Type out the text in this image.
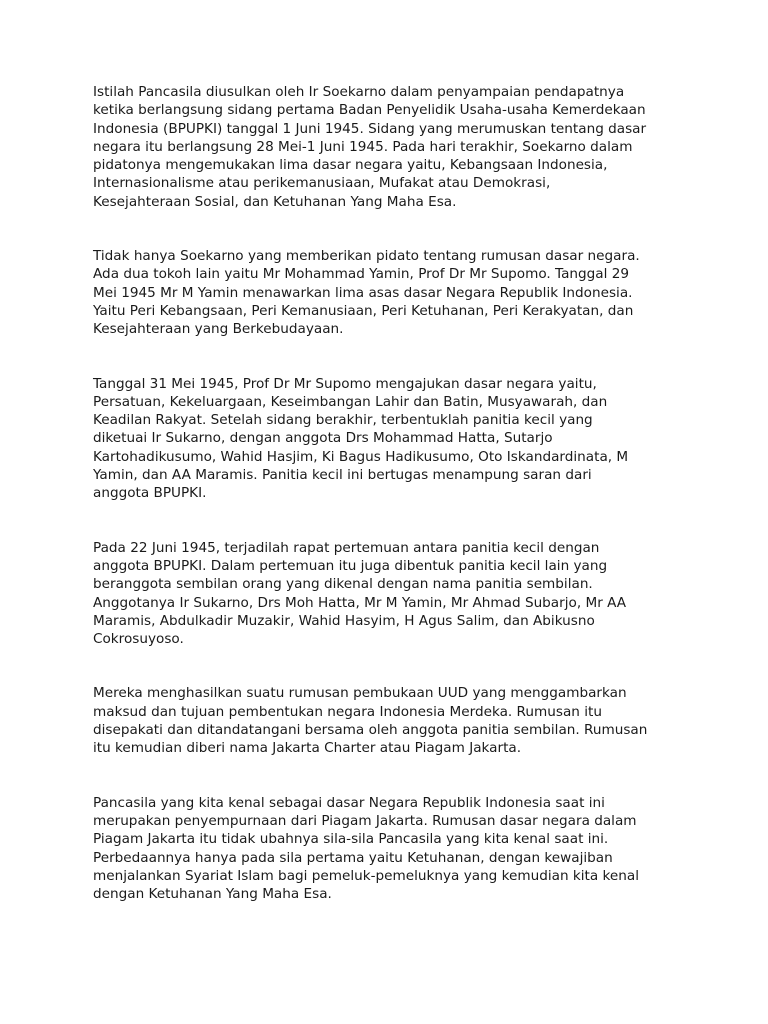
Istilah Pancasila diusulkan oleh Ir Soekarno dalam penyampaian pendapatnya
ketika berlangsung sidang pertama Badan Penyelidik Usaha-usaha Kemerdekaan
Indonesia (BPUPKI) tanggal 1 Juni 1945. Sidang yang merumuskan tentang dasar
negara itu berlangsung 28 Mei-1 Juni 1945. Pada hari terakhir, Soekarno dalam
pidatonya mengemukakan lima dasar negara yaitu, Kebangsaan Indonesia,
Internasionalisme atau perikemanusiaan, Mufakat atau Demokrasi,
Kesejahteraan Sosial, dan Ketuhanan Yang Maha Esa.

Tidak hanya Soekarno yang memberikan pidato tentang rumusan dasar negara.
Ada dua tokoh lain yaitu Mr Mohammad Yamin, Prof Dr Mr Supomo. Tanggal 29
Mei 1945 Mr M Yamin menawarkan lima asas dasar Negara Republik Indonesia.
Yaitu Peri Kebangsaan, Peri Kemanusiaan, Peri Ketuhanan, Peri Kerakyatan, dan
Kesejahteraan yang Berkebudayaan.

Tanggal 31 Mei 1945, Prof Dr Mr Supomo mengajukan dasar negara yaitu,
Persatuan, Kekeluargaan, Keseimbangan Lahir dan Batin, Musyawarah, dan
Keadilan Rakyat. Setelah sidang berakhir, terbentuklah panitia kecil yang
diketuai Ir Sukarno, dengan anggota Drs Mohammad Hatta, Sutarjo
Kartohadikusumo, Wahid Hasjim, Ki Bagus Hadikusumo, Oto Iskandardinata, M
Yamin, dan AA Maramis. Panitia kecil ini bertugas menampung saran dari
anggota BPUPKI.

Pada 22 Juni 1945, terjadilah rapat pertemuan antara panitia kecil dengan
anggota BPUPKI. Dalam pertemuan itu juga dibentuk panitia kecil lain yang
beranggota sembilan orang yang dikenal dengan nama panitia sembilan.
Anggotanya Ir Sukarno, Drs Moh Hatta, Mr M Yamin, Mr Ahmad Subarjo, Mr AA
Maramis, Abdulkadir Muzakir, Wahid Hasyim, H Agus Salim, dan Abikusno
Cokrosuyoso.

Mereka menghasilkan suatu rumusan pembukaan UUD yang menggambarkan
maksud dan tujuan pembentukan negara Indonesia Merdeka. Rumusan itu
disepakati dan ditandatangani bersama oleh anggota panitia sembilan. Rumusan
itu kemudian diberi nama Jakarta Charter atau Piagam Jakarta.

Pancasila yang kita kenal sebagai dasar Negara Republik Indonesia saat ini
merupakan penyempurnaan dari Piagam Jakarta. Rumusan dasar negara dalam
Piagam Jakarta itu tidak ubahnya sila-sila Pancasila yang kita kenal saat ini.
Perbedaannya hanya pada sila pertama yaitu Ketuhanan, dengan kewajiban
menjalankan Syariat Islam bagi pemeluk-pemeluknya yang kemudian kita kenal
dengan Ketuhanan Yang Maha Esa.
